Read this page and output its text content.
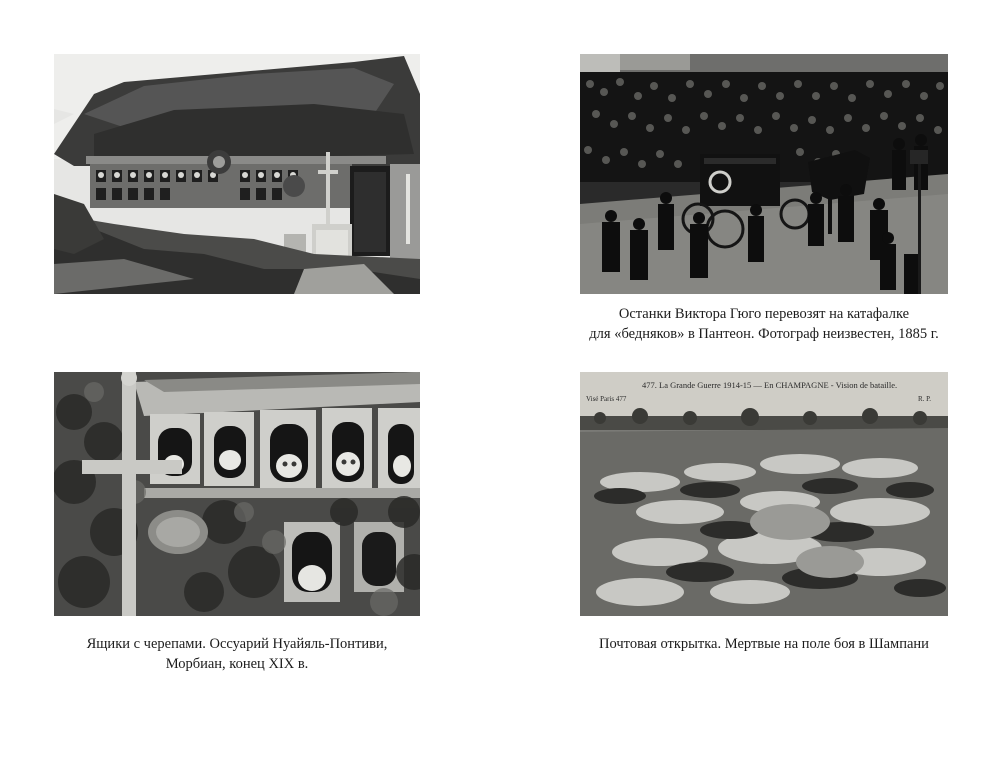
Останки Виктора Гюго перевозят на катафалке
для «бедняков» в Пантеон. Фотограф неизвестен, 1885 г.
Ящики с черепами. Оссуарий Нуайяль-Понтиви,
Морбиан, конец XIX в.
477. La Grande Guerre 1914-15 — En CHAMPAGNE - Vision de bataille.
Visé Paris 477	R. P.
Почтовая открытка. Мертвые на поле боя в Шампани
